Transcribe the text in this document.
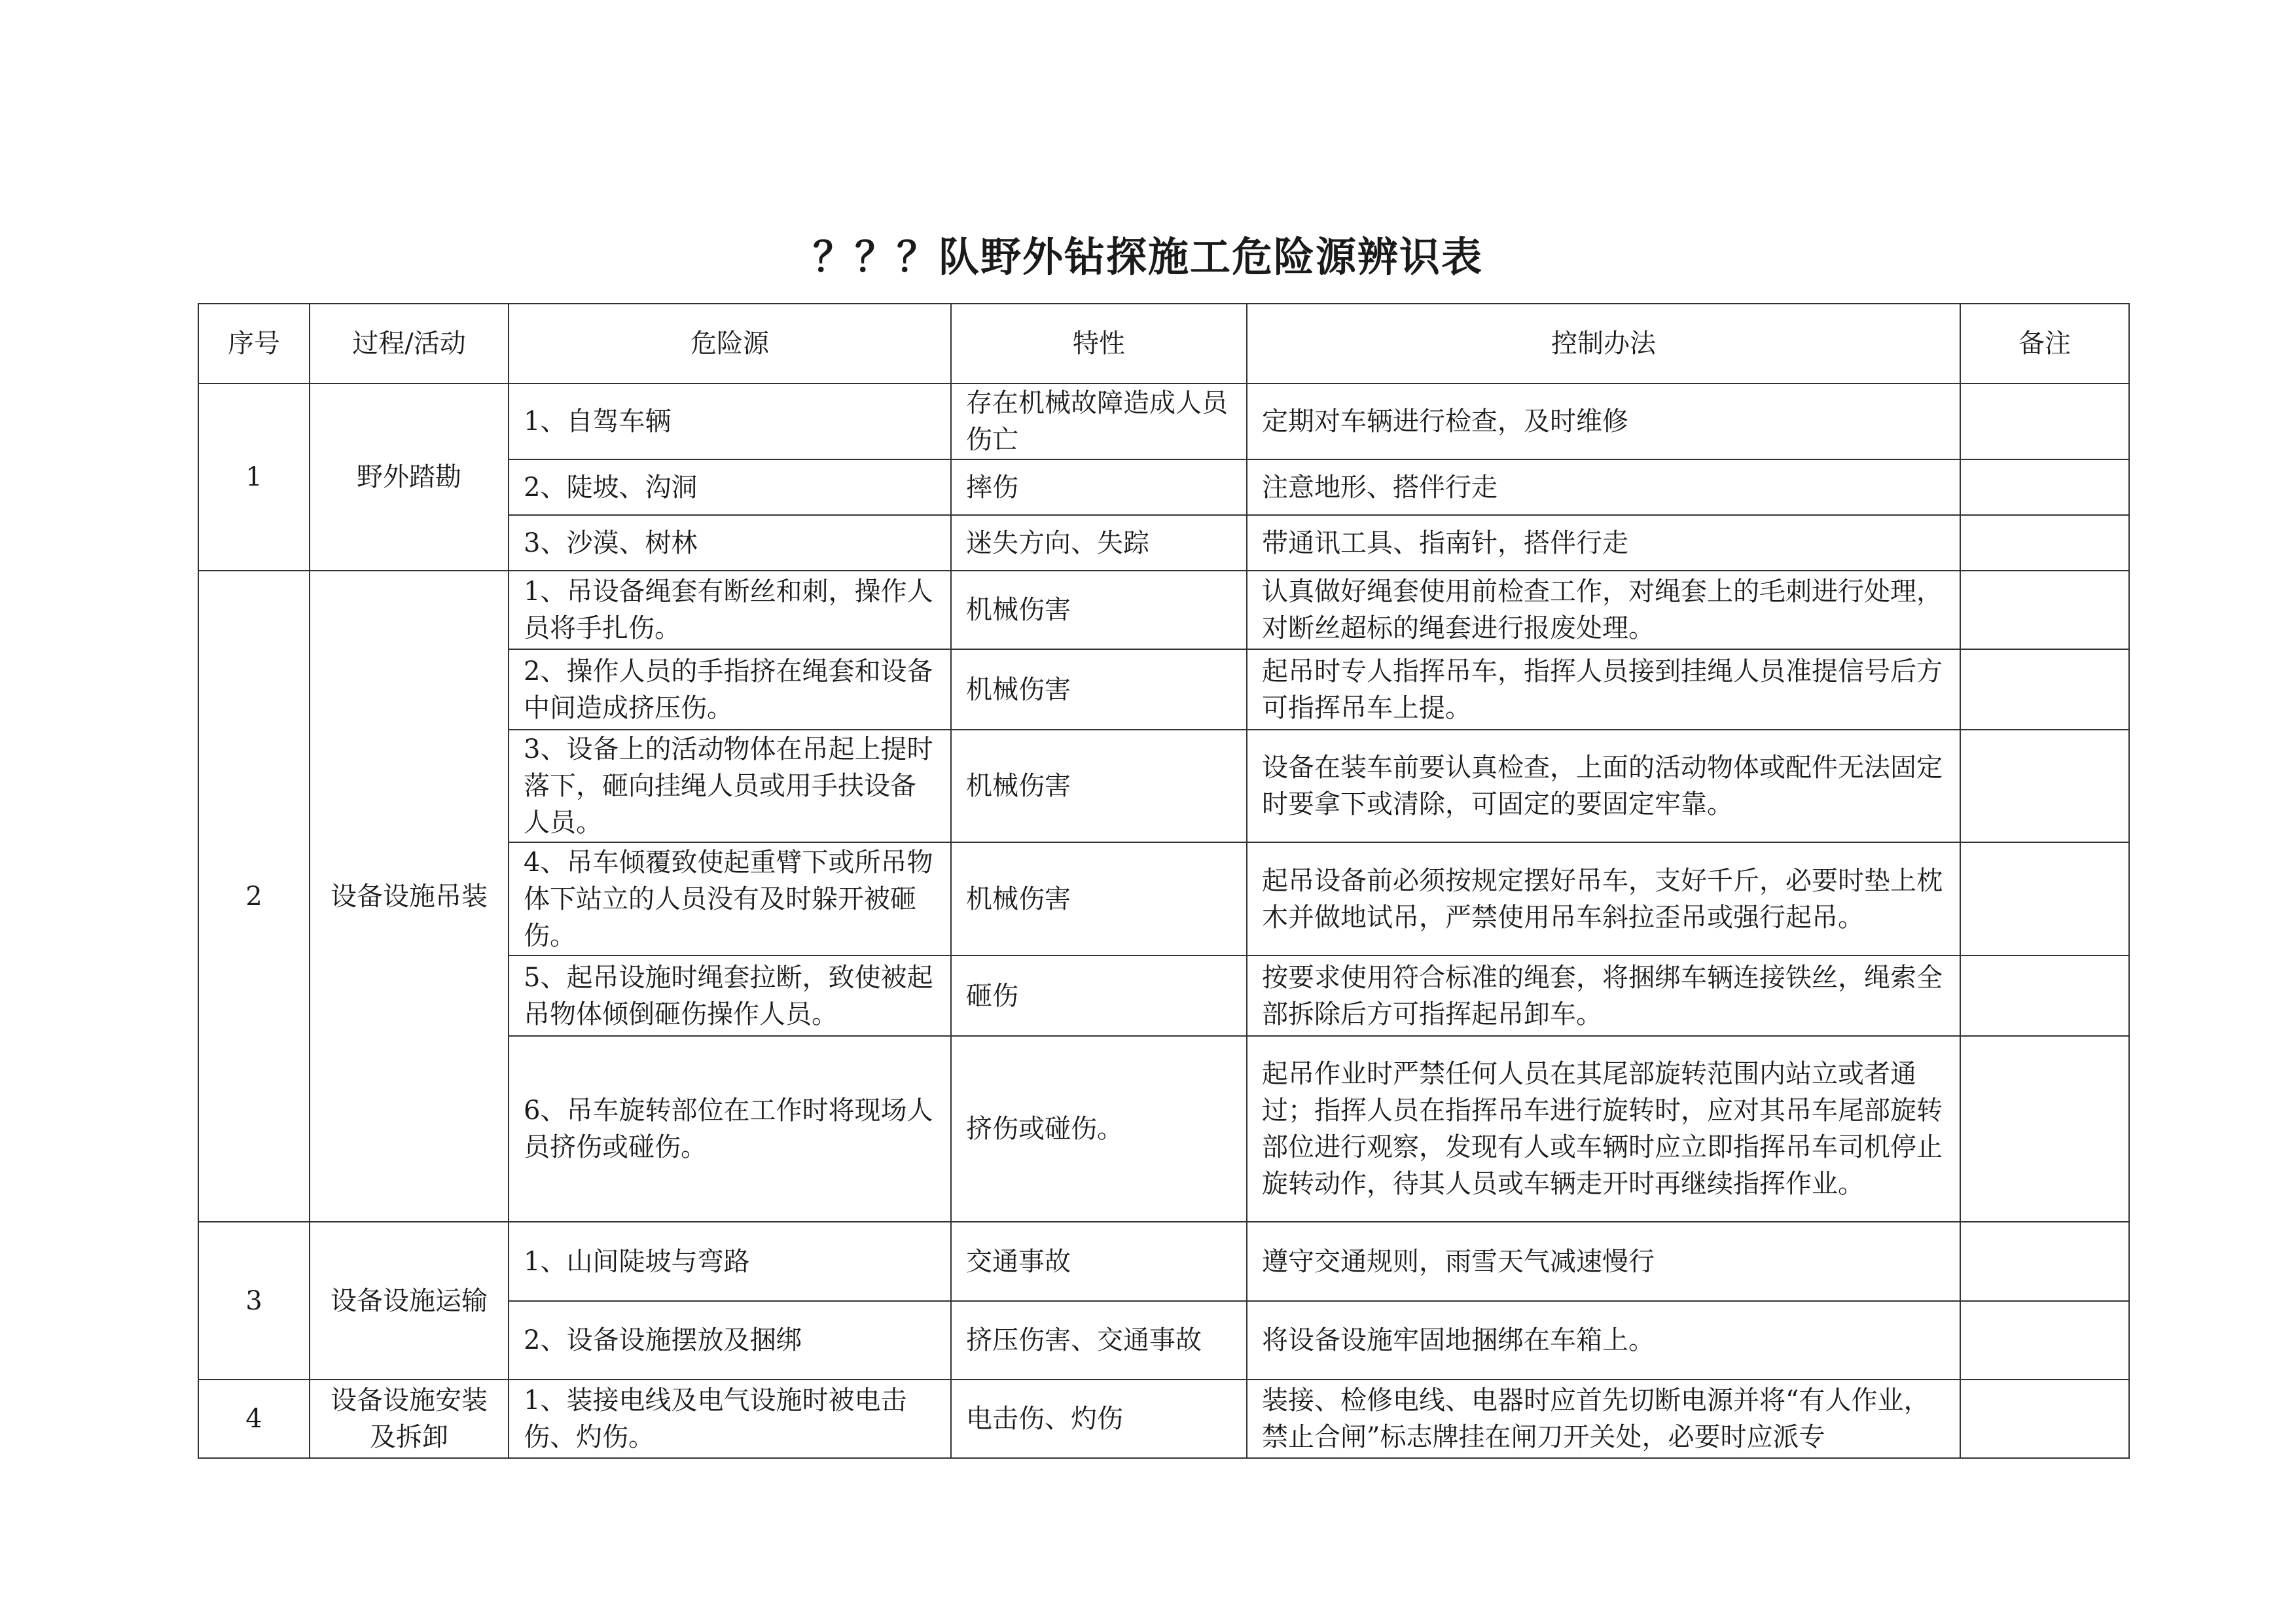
？？？队野外钻探施工危险源辨识表
序号	过程/活动	危险源	特性	控制办法	备注
1	野外踏勘	1、自驾车辆	存在机械故障造成人员伤亡	定期对车辆进行检查，及时维修	
		2、陡坡、沟洞	摔伤	注意地形、搭伴行走	
		3、沙漠、树林	迷失方向、失踪	带通讯工具、指南针，搭伴行走	
2	设备设施吊装	1、吊设备绳套有断丝和刺，操作人员将手扎伤。	机械伤害	认真做好绳套使用前检查工作，对绳套上的毛刺进行处理，对断丝超标的绳套进行报废处理。	
		2、操作人员的手指挤在绳套和设备中间造成挤压伤。	机械伤害	起吊时专人指挥吊车，指挥人员接到挂绳人员准提信号后方可指挥吊车上提。	
		3、设备上的活动物体在吊起上提时落下，砸向挂绳人员或用手扶设备人员。	机械伤害	设备在装车前要认真检查，上面的活动物体或配件无法固定时要拿下或清除，可固定的要固定牢靠。	
		4、吊车倾覆致使起重臂下或所吊物体下站立的人员没有及时躲开被砸伤。	机械伤害	起吊设备前必须按规定摆好吊车，支好千斤，必要时垫上枕木并做地试吊，严禁使用吊车斜拉歪吊或强行起吊。	
		5、起吊设施时绳套拉断，致使被起吊物体倾倒砸伤操作人员。	砸伤	按要求使用符合标准的绳套，将捆绑车辆连接铁丝，绳索全部拆除后方可指挥起吊卸车。	
		6、吊车旋转部位在工作时将现场人员挤伤或碰伤。	挤伤或碰伤。	起吊作业时严禁任何人员在其尾部旋转范围内站立或者通过；指挥人员在指挥吊车进行旋转时，应对其吊车尾部旋转部位进行观察，发现有人或车辆时应立即指挥吊车司机停止旋转动作，待其人员或车辆走开时再继续指挥作业。	
3	设备设施运输	1、山间陡坡与弯路	交通事故	遵守交通规则，雨雪天气减速慢行	
		2、设备设施摆放及捆绑	挤压伤害、交通事故	将设备设施牢固地捆绑在车箱上。	
4	设备设施安装及拆卸	1、装接电线及电气设施时被电击伤、灼伤。	电击伤、灼伤	装接、检修电线、电器时应首先切断电源并将“有人作业，禁止合闸”标志牌挂在闸刀开关处，必要时应派专	
